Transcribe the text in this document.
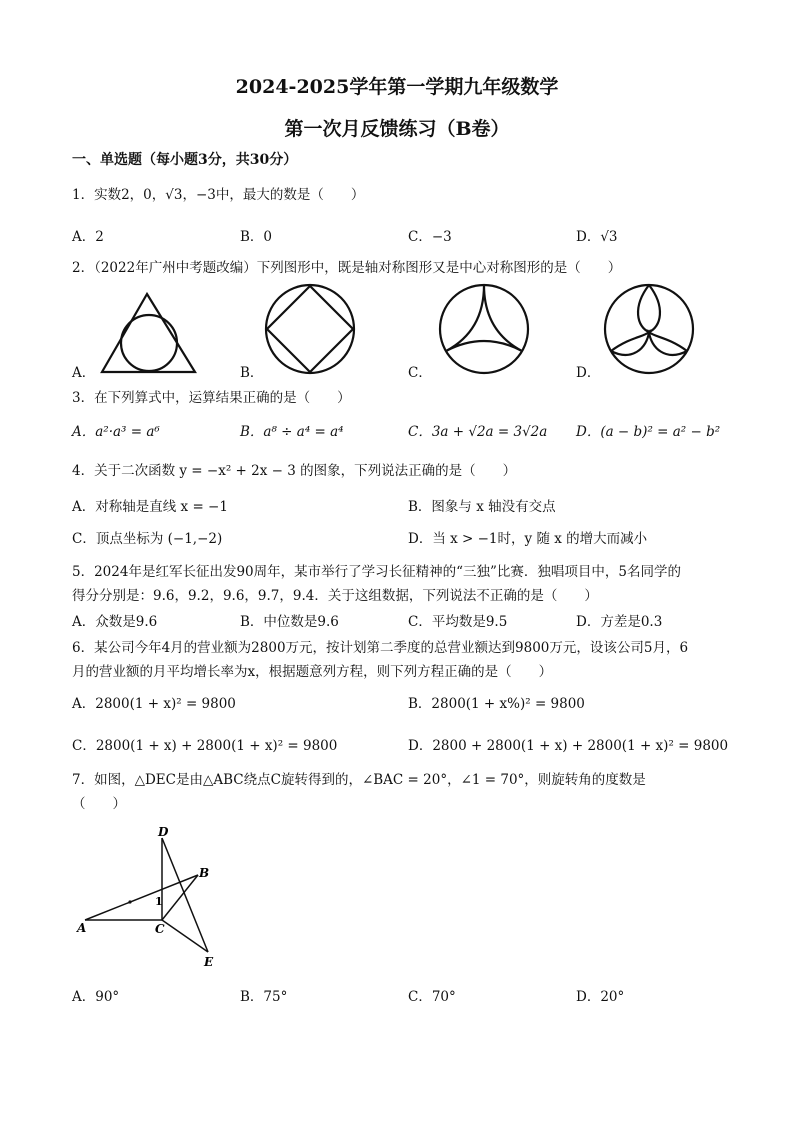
2024-2025学年第一学期九年级数学
第一次月反馈练习（B卷）
一、单选题（每小题3分，共30分）
1．实数2，0，√3，−3中，最大的数是（　　）
A．2	B．0	C．−3	D．√3
2．（2022年广州中考题改编）下列图形中，既是轴对称图形又是中心对称图形的是（　　）
A．	B．	C．	D．
3．在下列算式中，运算结果正确的是（　　）
A．a²·a³ = a⁶	B．a⁸ ÷ a⁴ = a⁴	C．3a + √2a = 3√2a D．(a − b)² = a² − b²
4．关于二次函数 y = −x² + 2x − 3 的图象，下列说法正确的是（　　）
A．对称轴是直线 x = −1	B．图象与 x 轴没有交点
C．顶点坐标为 (−1,−2)	D．当 x > −1时，y 随 x 的增大而减小
5．2024年是红军长征出发90周年，某市举行了学习长征精神的“三独”比赛．独唱项目中，5名同学的
得分分别是：9.6，9.2，9.6，9.7，9.4．关于这组数据，下列说法不正确的是（　　）
A．众数是9.6	B．中位数是9.6	C．平均数是9.5	D．方差是0.3
6．某公司今年4月的营业额为2800万元，按计划第二季度的总营业额达到9800万元，设该公司5月，6
月的营业额的月平均增长率为x，根据题意列方程，则下列方程正确的是（　　）
A．2800(1 + x)² = 9800	B．2800(1 + x%)² = 9800
C．2800(1 + x) + 2800(1 + x)² = 9800	D．2800 + 2800(1 + x) + 2800(1 + x)² = 9800
7．如图，△DEC是由△ABC绕点C旋转得到的，∠BAC = 20°，∠1 = 70°，则旋转角的度数是
（　　）
D
B
A	C
E
1
A．90°	B．75°	C．70°	D．20°
